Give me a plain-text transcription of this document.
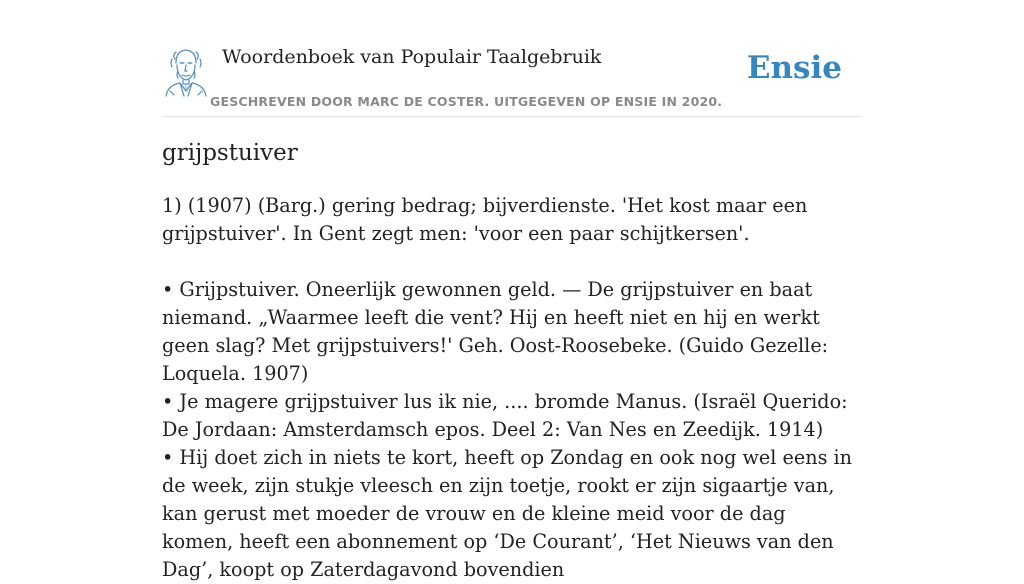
Woordenboek van Populair Taalgebruik
GESCHREVEN DOOR MARC DE COSTER. UITGEGEVEN OP ENSIE IN 2020.
Ensie
grijpstuiver

1) (1907) (Barg.) gering bedrag; bijverdienste. 'Het kost maar een grijpstuiver'. In Gent zegt men: 'voor een paar schijtkersen'.

• Grijpstuiver. Oneerlijk gewonnen geld. — De grijpstuiver en baat niemand. „Waarmee leeft die vent? Hij en heeft niet en hij en werkt geen slag? Met grijpstuivers!' Geh. Oost-Roosebeke. (Guido Gezelle: Loquela. 1907)

• Je magere grijpstuiver lus ik nie, .... bromde Manus. (Israël Querido: De Jordaan: Amsterdamsch epos. Deel 2: Van Nes en Zeedijk. 1914)

• Hij doet zich in niets te kort, heeft op Zondag en ook nog wel eens in de week, zijn stukje vleesch en zijn toetje, rookt er zijn sigaartje van, kan gerust met moeder de vrouw en de kleine meid voor de dag komen, heeft een abonnement op ‘De Courant’, ‘Het Nieuws van den Dag’, koopt op Zaterdagavond bovendien
